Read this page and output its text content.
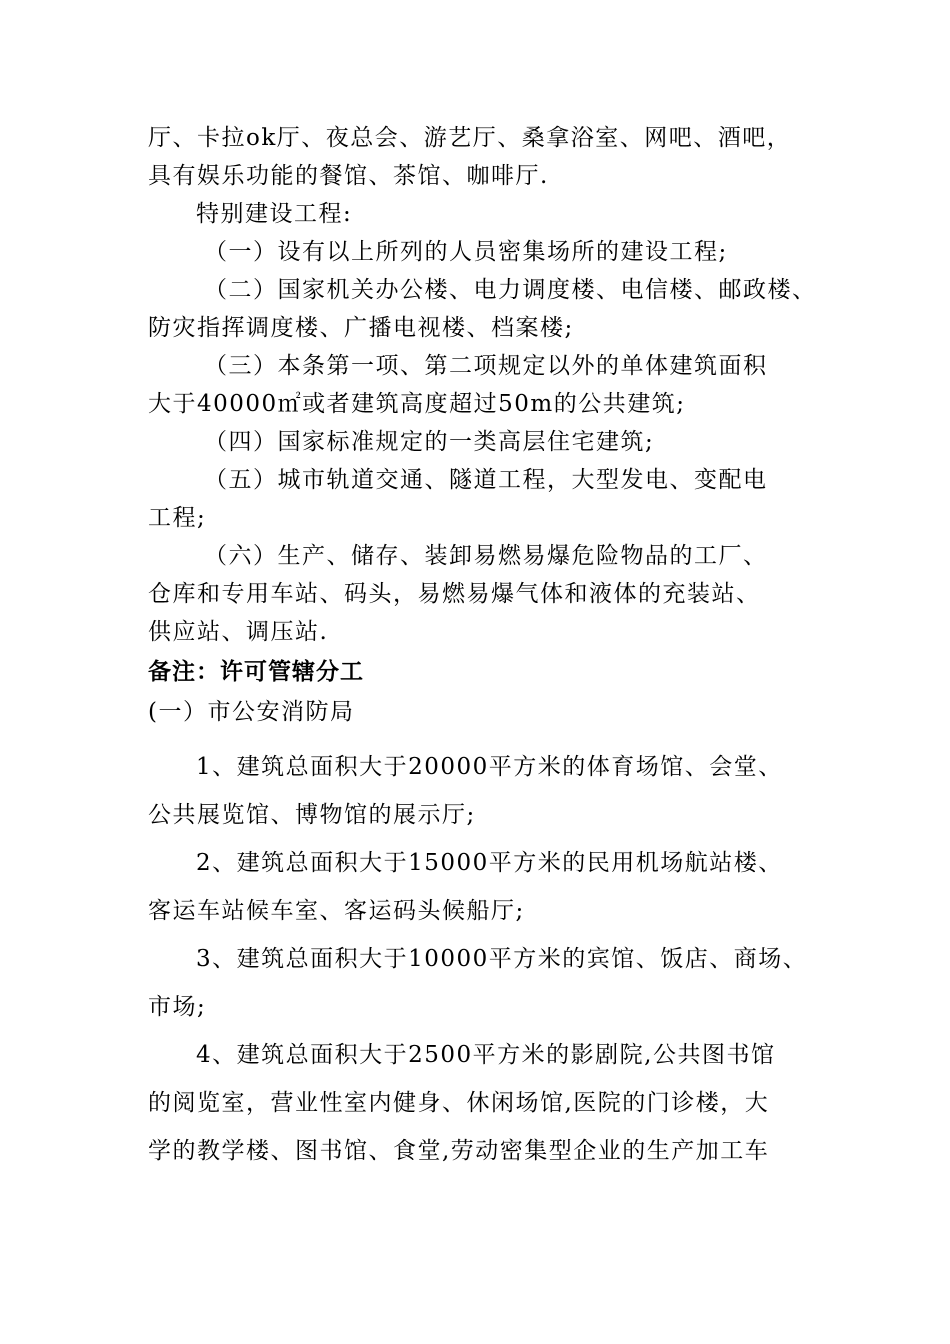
厅、卡拉ok厅、夜总会、游艺厅、桑拿浴室、网吧、酒吧，
具有娱乐功能的餐馆、茶馆、咖啡厅.
特别建设工程:
（一）设有以上所列的人员密集场所的建设工程;
（二）国家机关办公楼、电力调度楼、电信楼、邮政楼、
防灾指挥调度楼、广播电视楼、档案楼;
（三）本条第一项、第二项规定以外的单体建筑面积
大于40000㎡或者建筑高度超过50m的公共建筑;
（四）国家标准规定的一类高层住宅建筑;
（五）城市轨道交通、隧道工程，大型发电、变配电
工程;
（六）生产、储存、装卸易燃易爆危险物品的工厂、
仓库和专用车站、码头，易燃易爆气体和液体的充装站、
供应站、调压站.
备注：许可管辖分工
(一）市公安消防局
1、建筑总面积大于20000平方米的体育场馆、会堂、
公共展览馆、博物馆的展示厅;
2、建筑总面积大于15000平方米的民用机场航站楼、
客运车站候车室、客运码头候船厅;
3、建筑总面积大于10000平方米的宾馆、饭店、商场、
市场;
4、建筑总面积大于2500平方米的影剧院,公共图书馆
的阅览室，营业性室内健身、休闲场馆,医院的门诊楼，大
学的教学楼、图书馆、食堂,劳动密集型企业的生产加工车
